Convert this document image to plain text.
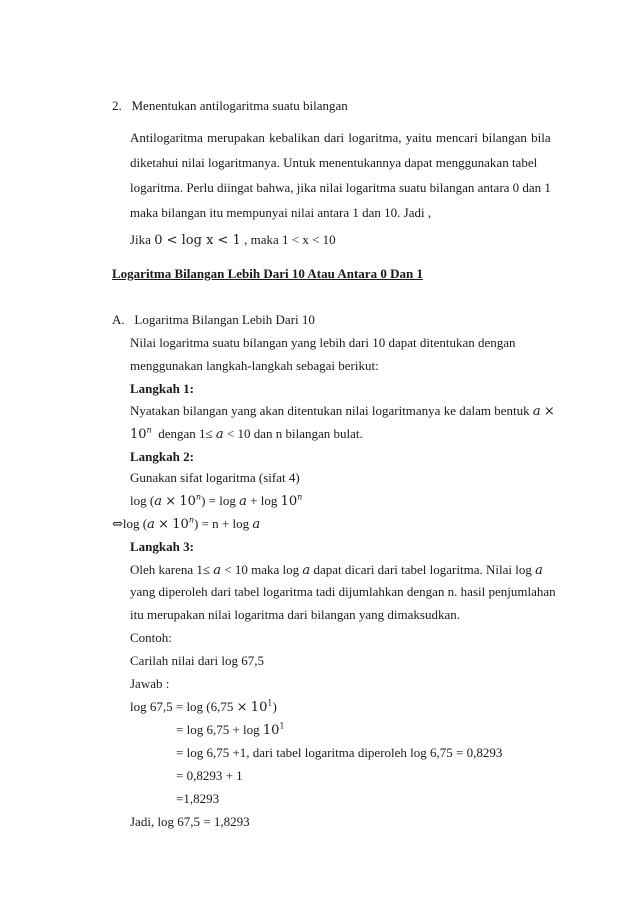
2.   Menentukan antilogaritma suatu bilangan
Antilogaritma merupakan kebalikan dari logaritma, yaitu mencari bilangan bila
diketahui nilai logaritmanya. Untuk menentukannya dapat menggunakan tabel
logaritma. Perlu diingat bahwa, jika nilai logaritma suatu bilangan antara 0 dan 1
maka bilangan itu mempunyai nilai antara 1 dan 10. Jadi ,
Jika 0 < log x < 1 , maka 1 < x < 10
Logaritma Bilangan Lebih Dari 10 Atau Antara 0 Dan 1
A.   Logaritma Bilangan Lebih Dari 10
Nilai logaritma suatu bilangan yang lebih dari 10 dapat ditentukan dengan
menggunakan langkah-langkah sebagai berikut:
Langkah 1:
Nyatakan bilangan yang akan ditentukan nilai logaritmanya ke dalam bentuk a ×
$10^n$ dengan 1≤ a < 10 dan n bilangan bulat.
Langkah 2:
Gunakan sifat logaritma (sifat 4)
$\log (a \times 10^n) = \log a + \log 10^n$
⇔log $(a \times 10^n) = n + \log a$
Langkah 3:
Oleh karena 1≤ a < 10 maka log a dapat dicari dari tabel logaritma. Nilai log a
yang diperoleh dari tabel logaritma tadi dijumlahkan dengan n. hasil penjumlahan
itu merupakan nilai logaritma dari bilangan yang dimaksudkan.
Contoh:
Carilah nilai dari log 67,5
Jawab :
$\log 67,5 = \log (6,75 \times 10^1)$
= $\log 6,75 + \log 10^1$
= log 6,75 +1, dari tabel logaritma diperoleh log 6,75 = 0,8293
= 0,8293 + 1
=1,8293
Jadi, log 67,5 = 1,8293
